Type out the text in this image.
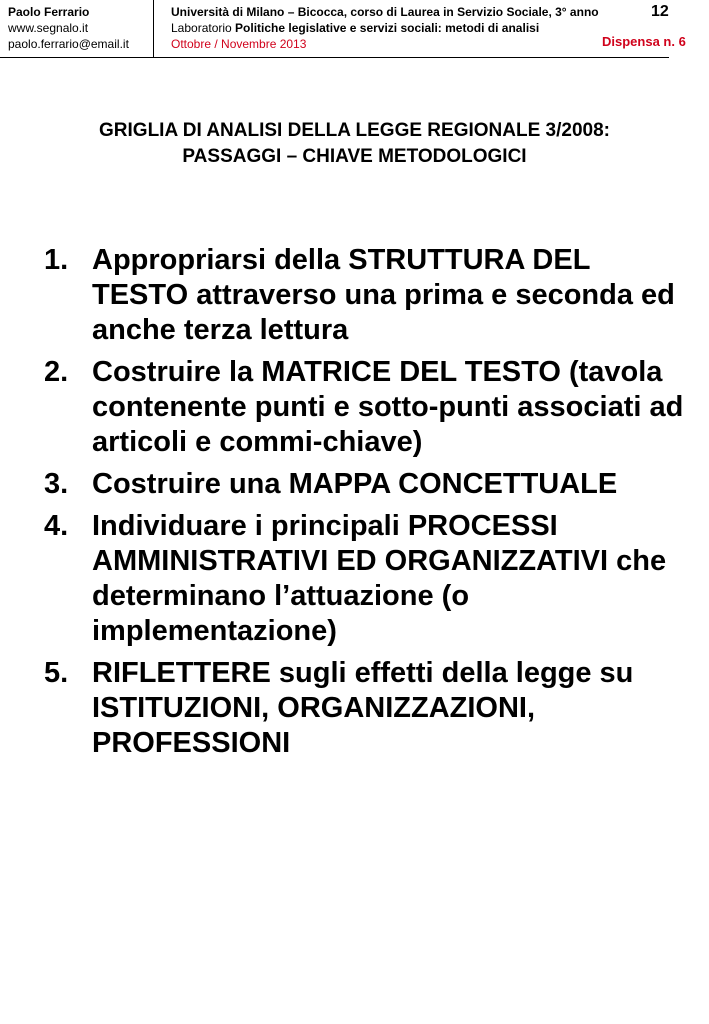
Paolo Ferrario
www.segnalo.it
paolo.ferrario@email.it
Università di Milano – Bicocca, corso di Laurea in Servizio Sociale, 3° anno
Laboratorio Politiche legislative e servizi sociali: metodi di analisi
Ottobre / Novembre 2013
12
Dispensa n. 6
GRIGLIA DI ANALISI DELLA LEGGE REGIONALE 3/2008:
PASSAGGI – CHIAVE METODOLOGICI
1. Appropriarsi della STRUTTURA DEL TESTO attraverso una prima e seconda ed anche terza lettura
2. Costruire la MATRICE DEL TESTO (tavola contenente punti e sotto-punti associati ad articoli e commi-chiave)
3. Costruire una MAPPA CONCETTUALE
4. Individuare i principali PROCESSI AMMINISTRATIVI ED ORGANIZZATIVI che determinano l’attuazione (o implementazione)
5. RIFLETTERE sugli effetti della legge su ISTITUZIONI, ORGANIZZAZIONI, PROFESSIONI
